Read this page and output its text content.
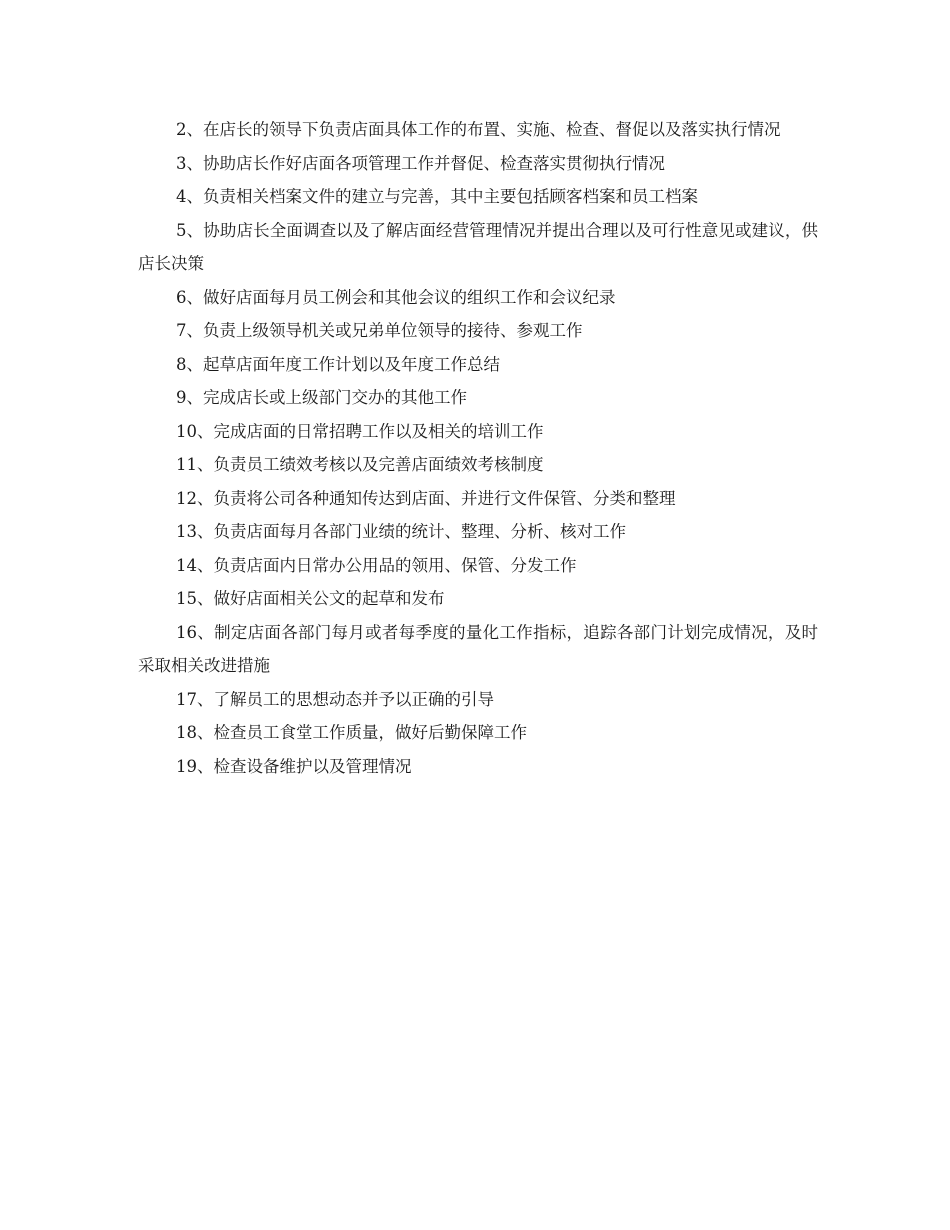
2、在店长的领导下负责店面具体工作的布置、实施、检查、督促以及落实执行情况

3、协助店长作好店面各项管理工作并督促、检查落实贯彻执行情况

4、负责相关档案文件的建立与完善，其中主要包括顾客档案和员工档案

5、协助店长全面调查以及了解店面经营管理情况并提出合理以及可行性意见或建议，供店长决策

6、做好店面每月员工例会和其他会议的组织工作和会议纪录

7、负责上级领导机关或兄弟单位领导的接待、参观工作

8、起草店面年度工作计划以及年度工作总结

9、完成店长或上级部门交办的其他工作

10、完成店面的日常招聘工作以及相关的培训工作

11、负责员工绩效考核以及完善店面绩效考核制度

12、负责将公司各种通知传达到店面、并进行文件保管、分类和整理

13、负责店面每月各部门业绩的统计、整理、分析、核对工作

14、负责店面内日常办公用品的领用、保管、分发工作

15、做好店面相关公文的起草和发布

16、制定店面各部门每月或者每季度的量化工作指标，追踪各部门计划完成情况，及时采取相关改进措施

17、了解员工的思想动态并予以正确的引导

18、检查员工食堂工作质量，做好后勤保障工作

19、检查设备维护以及管理情况
